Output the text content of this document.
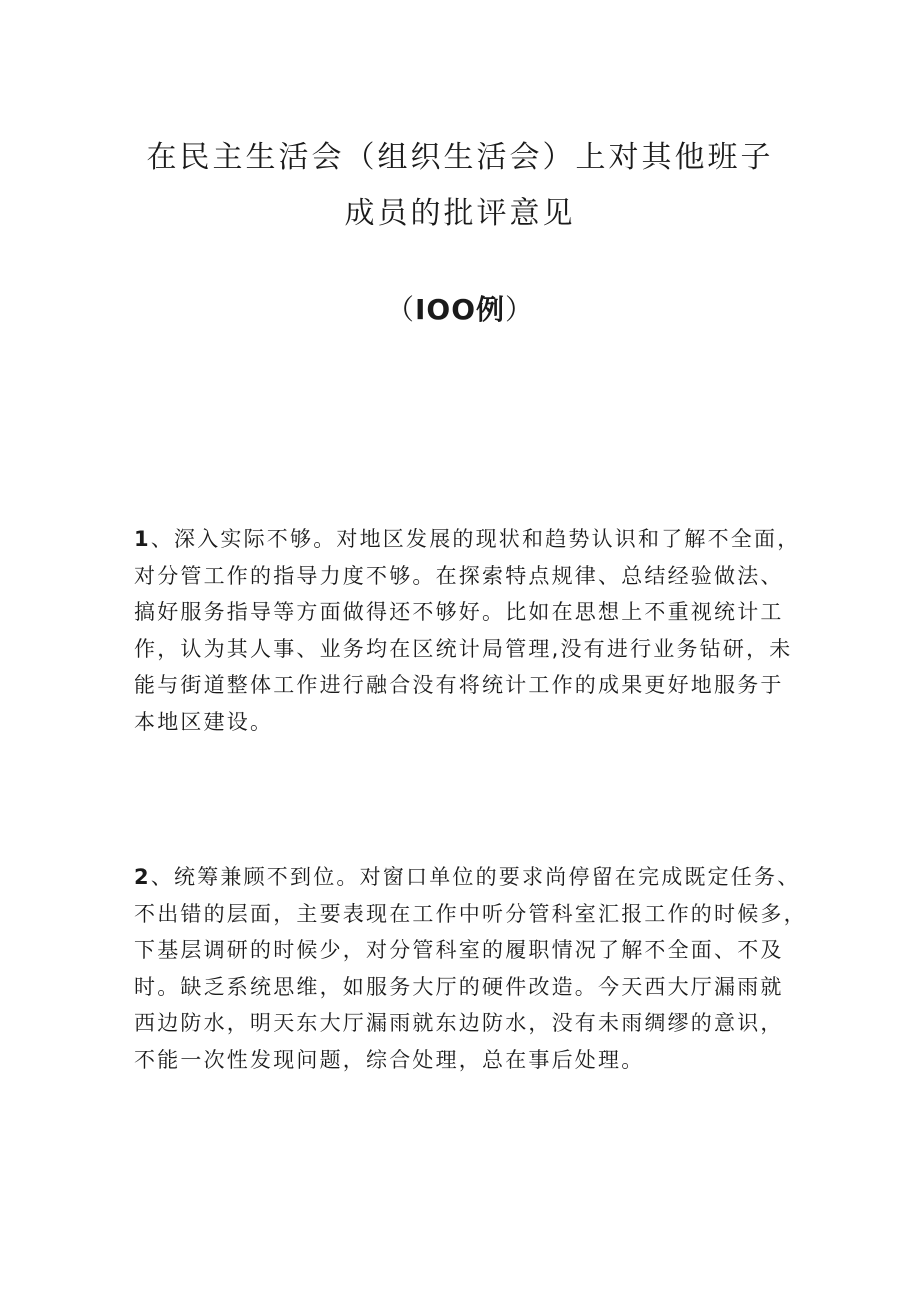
在民主生活会（组织生活会）上对其他班子
成员的批评意见
（IOO例）
1、深入实际不够。对地区发展的现状和趋势认识和了解不全面，
对分管工作的指导力度不够。在探索特点规律、总结经验做法、
搞好服务指导等方面做得还不够好。比如在思想上不重视统计工
作，认为其人事、业务均在区统计局管理,没有进行业务钻研，未
能与街道整体工作进行融合没有将统计工作的成果更好地服务于
本地区建设。
2、统筹兼顾不到位。对窗口单位的要求尚停留在完成既定任务、
不出错的层面，主要表现在工作中听分管科室汇报工作的时候多，
下基层调研的时候少，对分管科室的履职情况了解不全面、不及
时。缺乏系统思维，如服务大厅的硬件改造。今天西大厅漏雨就
西边防水，明天东大厅漏雨就东边防水，没有未雨绸缪的意识，
不能一次性发现问题，综合处理，总在事后处理。
